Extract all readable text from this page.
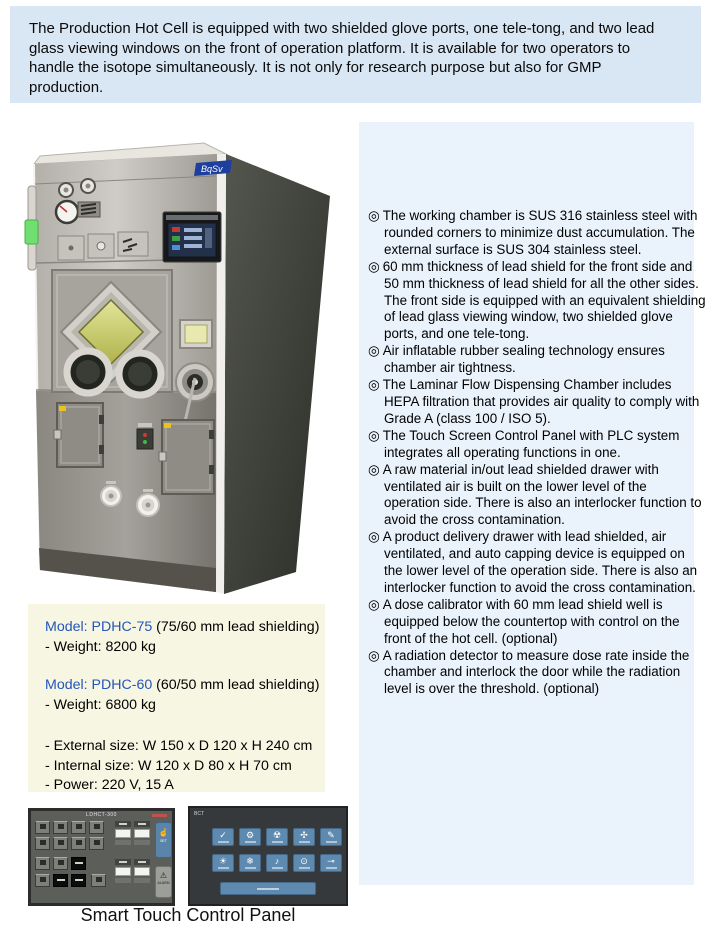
The Production Hot Cell is equipped with two shielded glove ports, one tele-tong, and two lead glass viewing windows on the front of operation platform. It is available for two operators to handle the isotope simultaneously. It is not only for research purpose but also for GMP production.

BqSv
◎ The working chamber is SUS 316 stainless steel with rounded corners to minimize dust accumulation. The external surface is SUS 304 stainless steel.
◎ 60 mm thickness of lead shield for the front side and 50 mm thickness of lead shield for all the other sides. The front side is equipped with an equivalent shielding of lead glass viewing window, two shielded glove ports, and one tele-tong.
◎ Air inflatable rubber sealing technology ensures chamber air tightness.
◎ The Laminar Flow Dispensing Chamber includes HEPA filtration that provides air quality to comply with Grade A (class 100 / ISO 5).
◎ The Touch Screen Control Panel with PLC system integrates all operating functions in one.
◎ A raw material in/out lead shielded drawer with ventilated air is built on the lower level of the operation side. There is also an interlocker function to avoid the cross contamination.
◎ A product delivery drawer with lead shielded, air ventilated, and auto capping device is equipped on the lower level of the operation side. There is also an interlocker function to avoid the cross contamination.
◎ A dose calibrator with 60 mm lead shield well is equipped below the countertop with control on the front of the hot cell. (optional)
◎ A radiation detector to measure dose rate inside the chamber and interlock the door while the radiation level is over the threshold. (optional)
Model: PDHC-75 (75/60 mm lead shielding)
- Weight: 8200 kg
Model: PDHC-60 (60/50 mm lead shielding)
- Weight: 6800 kg
- External size: W 150 x D 120 x H 240 cm
- Internal size: W 120 x D 80 x H 70 cm
- Power: 220 V, 15 A
LDHCT-300
☝
SET
⚠
ALARM
BCT
✓	⚙	☢	✣	✎
☀	❄	♪	⊙	⊸
Smart Touch Control Panel
